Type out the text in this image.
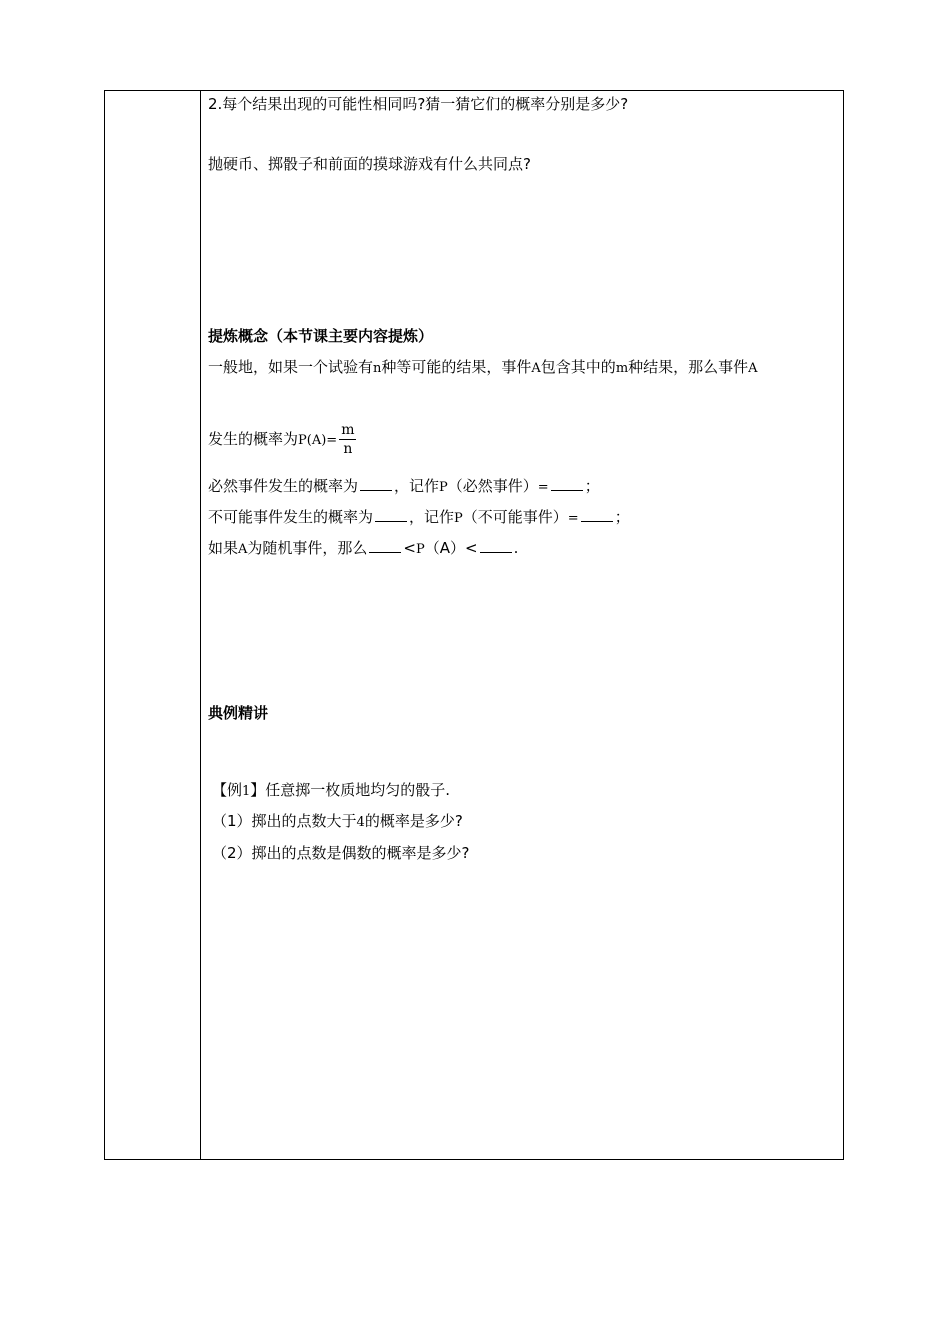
2.每个结果出现的可能性相同吗?猜一猜它们的概率分别是多少?
抛硬币、掷骰子和前面的摸球游戏有什么共同点?
提炼概念（本节课主要内容提炼）
一般地，如果一个试验有n种等可能的结果，事件A包含其中的m种结果，那么事件A
发生的概率为$P(A)= \frac{m}{n}$
必然事件发生的概率为 ，记作P（必然事件）= ；
不可能事件发生的概率为 ，记作P（不可能事件）= ；
如果A为随机事件，那么 <P（A）< .
典例精讲
【例1】任意掷一枚质地均匀的骰子.
（1）掷出的点数大于4的概率是多少?
（2）掷出的点数是偶数的概率是多少?
